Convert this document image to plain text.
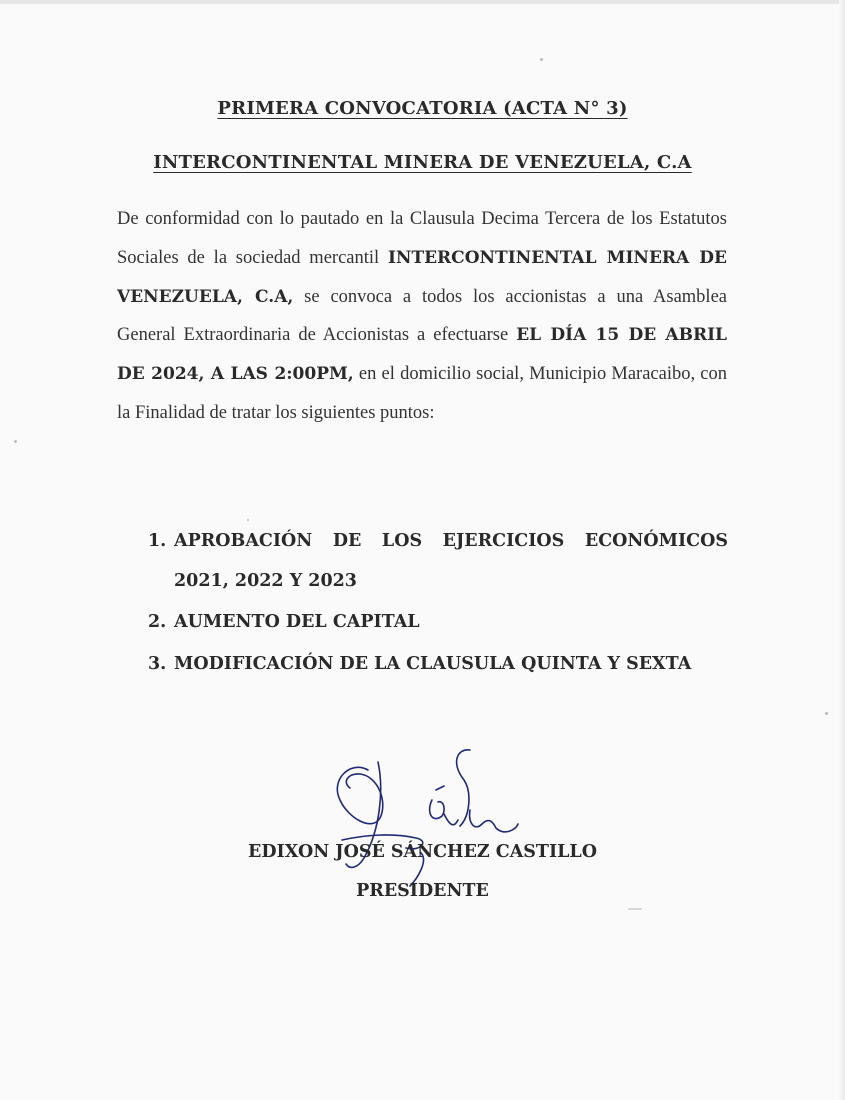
PRIMERA CONVOCATORIA (ACTA N° 3)
INTERCONTINENTAL MINERA DE VENEZUELA, C.A
De conformidad con lo pautado en la Clausula Decima Tercera de los Estatutos Sociales de la sociedad mercantil INTERCONTINENTAL MINERA DE VENEZUELA, C.A, se convoca a todos los accionistas a una Asamblea General Extraordinaria de Accionistas a efectuarse EL DÍA 15 DE ABRIL DE 2024, A LAS 2:00PM, en el domicilio social, Municipio Maracaibo, con la Finalidad de tratar los siguientes puntos:
1. APROBACIÓN DE LOS EJERCICIOS ECONÓMICOS 2021, 2022 Y 2023
2. AUMENTO DEL CAPITAL
3. MODIFICACIÓN DE LA CLAUSULA QUINTA Y SEXTA
EDIXON JOSÉ SÁNCHEZ CASTILLO
PRESIDENTE
